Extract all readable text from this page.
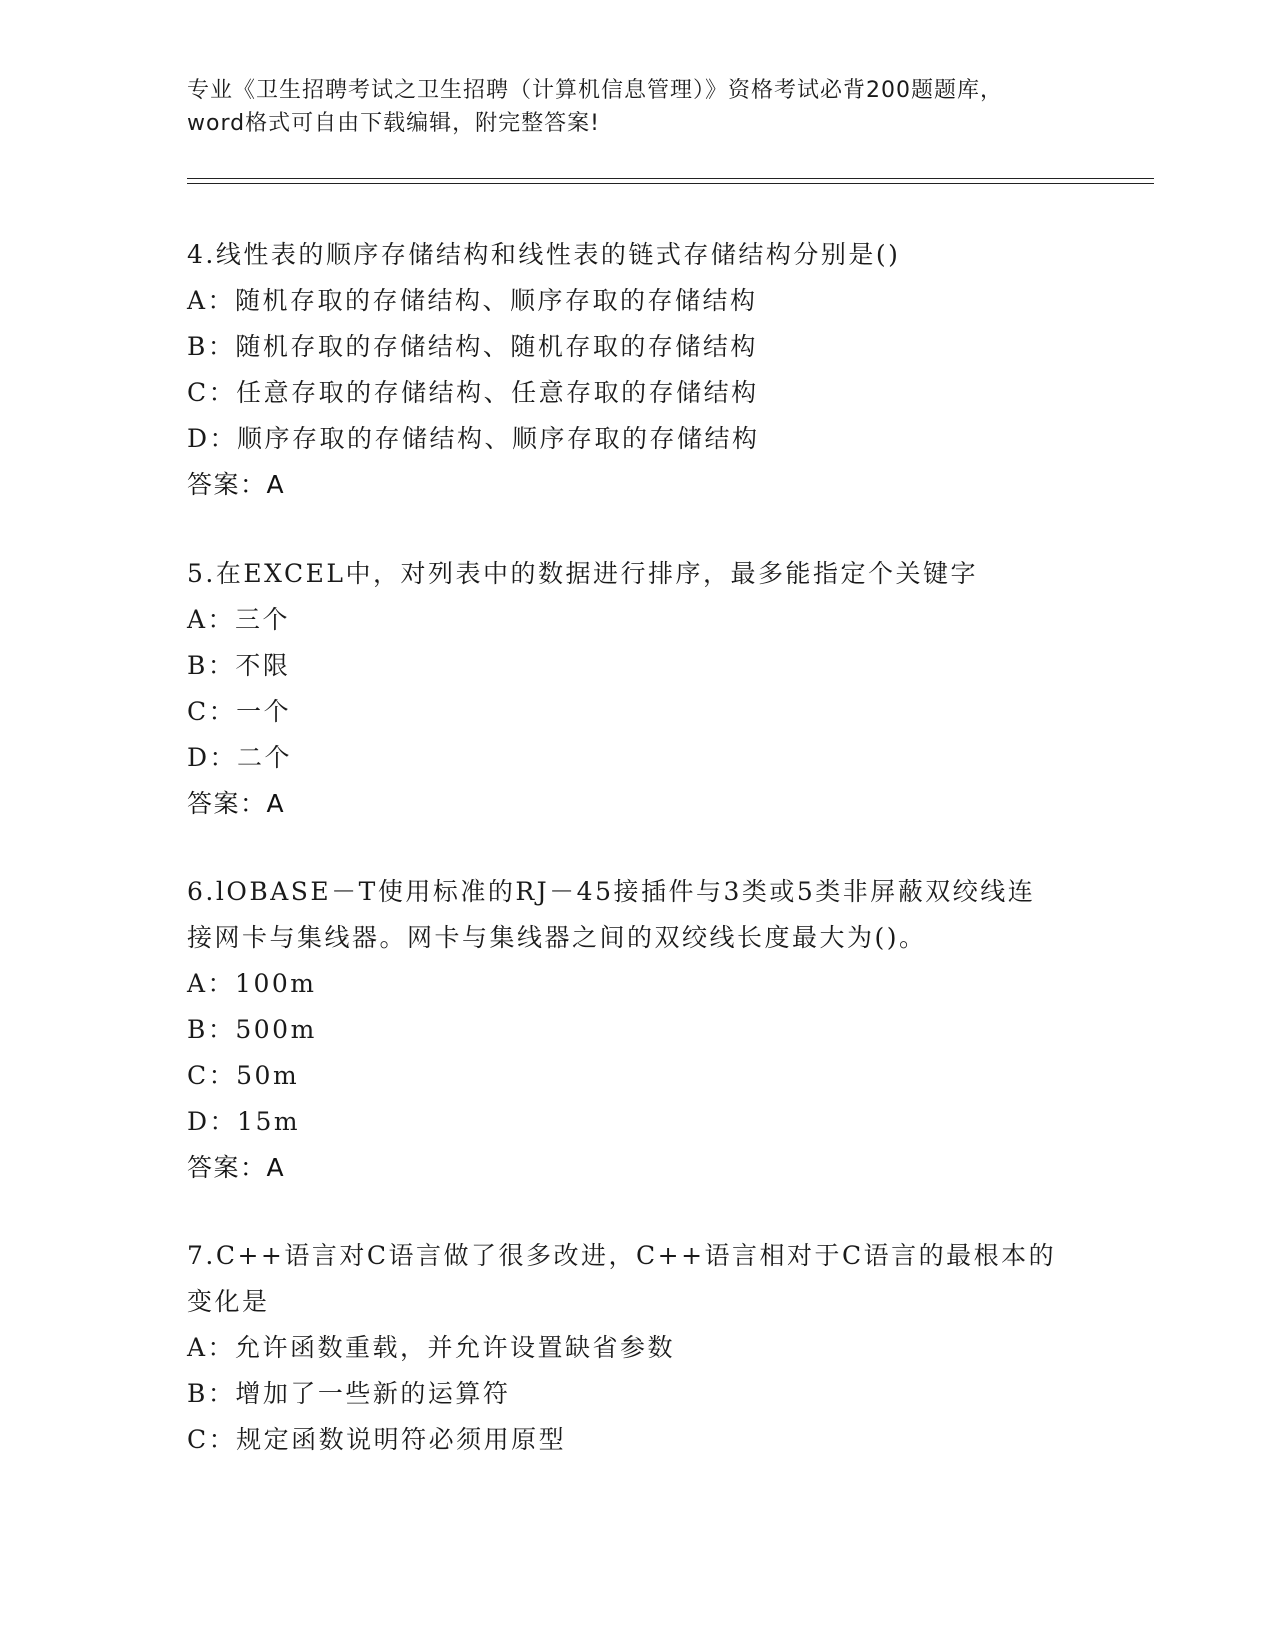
专业《卫生招聘考试之卫生招聘（计算机信息管理）》资格考试必背200题题库，
word格式可自由下载编辑，附完整答案!
4.线性表的顺序存储结构和线性表的链式存储结构分别是()
A：随机存取的存储结构、顺序存取的存储结构
B：随机存取的存储结构、随机存取的存储结构
C：任意存取的存储结构、任意存取的存储结构
D：顺序存取的存储结构、顺序存取的存储结构
答案：A
5.在EXCEL中，对列表中的数据进行排序，最多能指定个关键字
A：三个
B：不限
C：一个
D：二个
答案：A
6.lOBASE－T使用标准的RJ－45接插件与3类或5类非屏蔽双绞线连
接网卡与集线器。网卡与集线器之间的双绞线长度最大为()。
A：100m
B：500m
C：50m
D：15m
答案：A
7.C++语言对C语言做了很多改进，C++语言相对于C语言的最根本的
变化是
A：允许函数重载，并允许设置缺省参数
B：增加了一些新的运算符
C：规定函数说明符必须用原型
